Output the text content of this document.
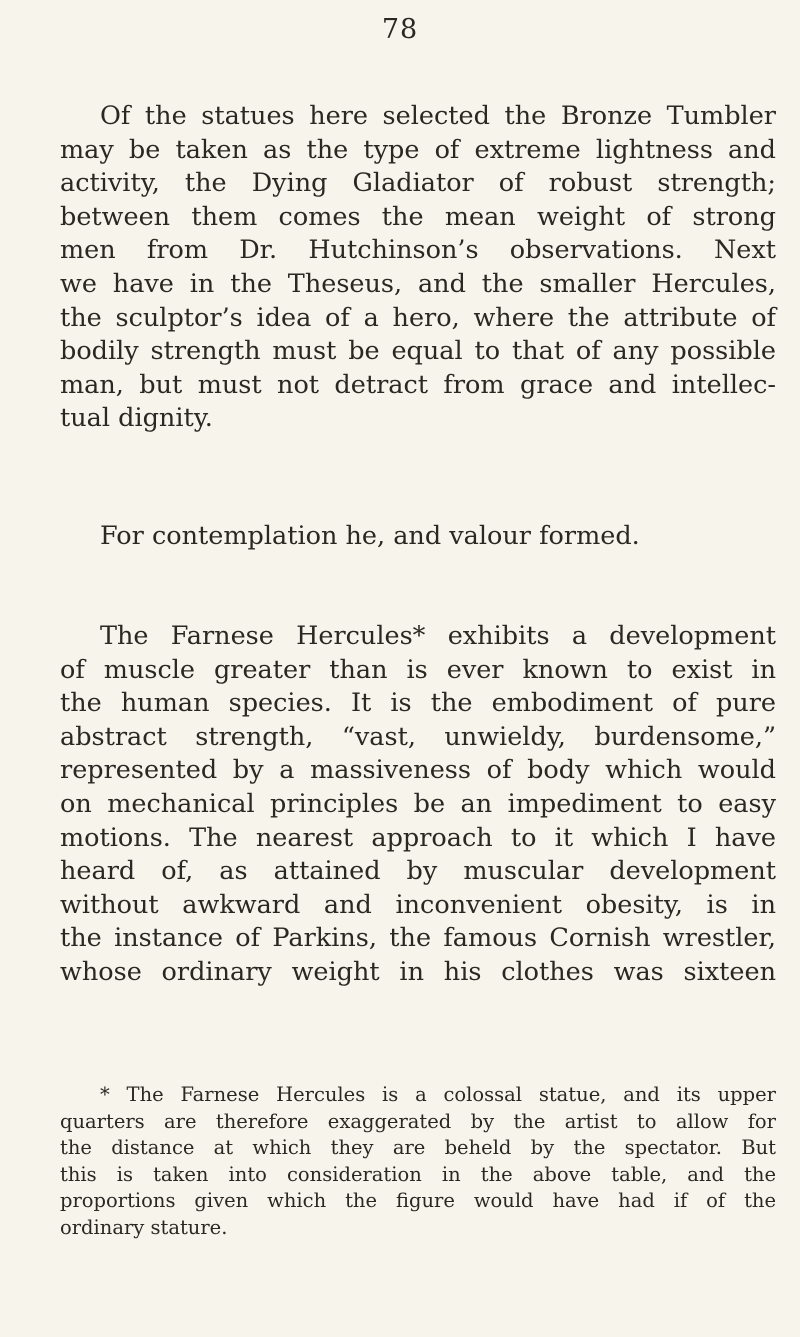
78
Of the statues here selected the Bronze Tumbler
may be taken as the type of extreme lightness and
activity, the Dying Gladiator of robust strength;
between them comes the mean weight of strong
men from Dr. Hutchinson’s observations. Next
we have in the Theseus, and the smaller Hercules,
the sculptor’s idea of a hero, where the attribute of
bodily strength must be equal to that of any possible
man, but must not detract from grace and intellec-
tual dignity.
For contemplation he, and valour formed.
The Farnese Hercules* exhibits a development
of muscle greater than is ever known to exist in
the human species. It is the embodiment of pure
abstract strength, “vast, unwieldy, burdensome,”
represented by a massiveness of body which would
on mechanical principles be an impediment to easy
motions. The nearest approach to it which I have
heard of, as attained by muscular development
without awkward and inconvenient obesity, is in
the instance of Parkins, the famous Cornish wrestler,
whose ordinary weight in his clothes was sixteen
* The Farnese Hercules is a colossal statue, and its upper
quarters are therefore exaggerated by the artist to allow for
the distance at which they are beheld by the spectator. But
this is taken into consideration in the above table, and the
proportions given which the figure would have had if of the
ordinary stature.
